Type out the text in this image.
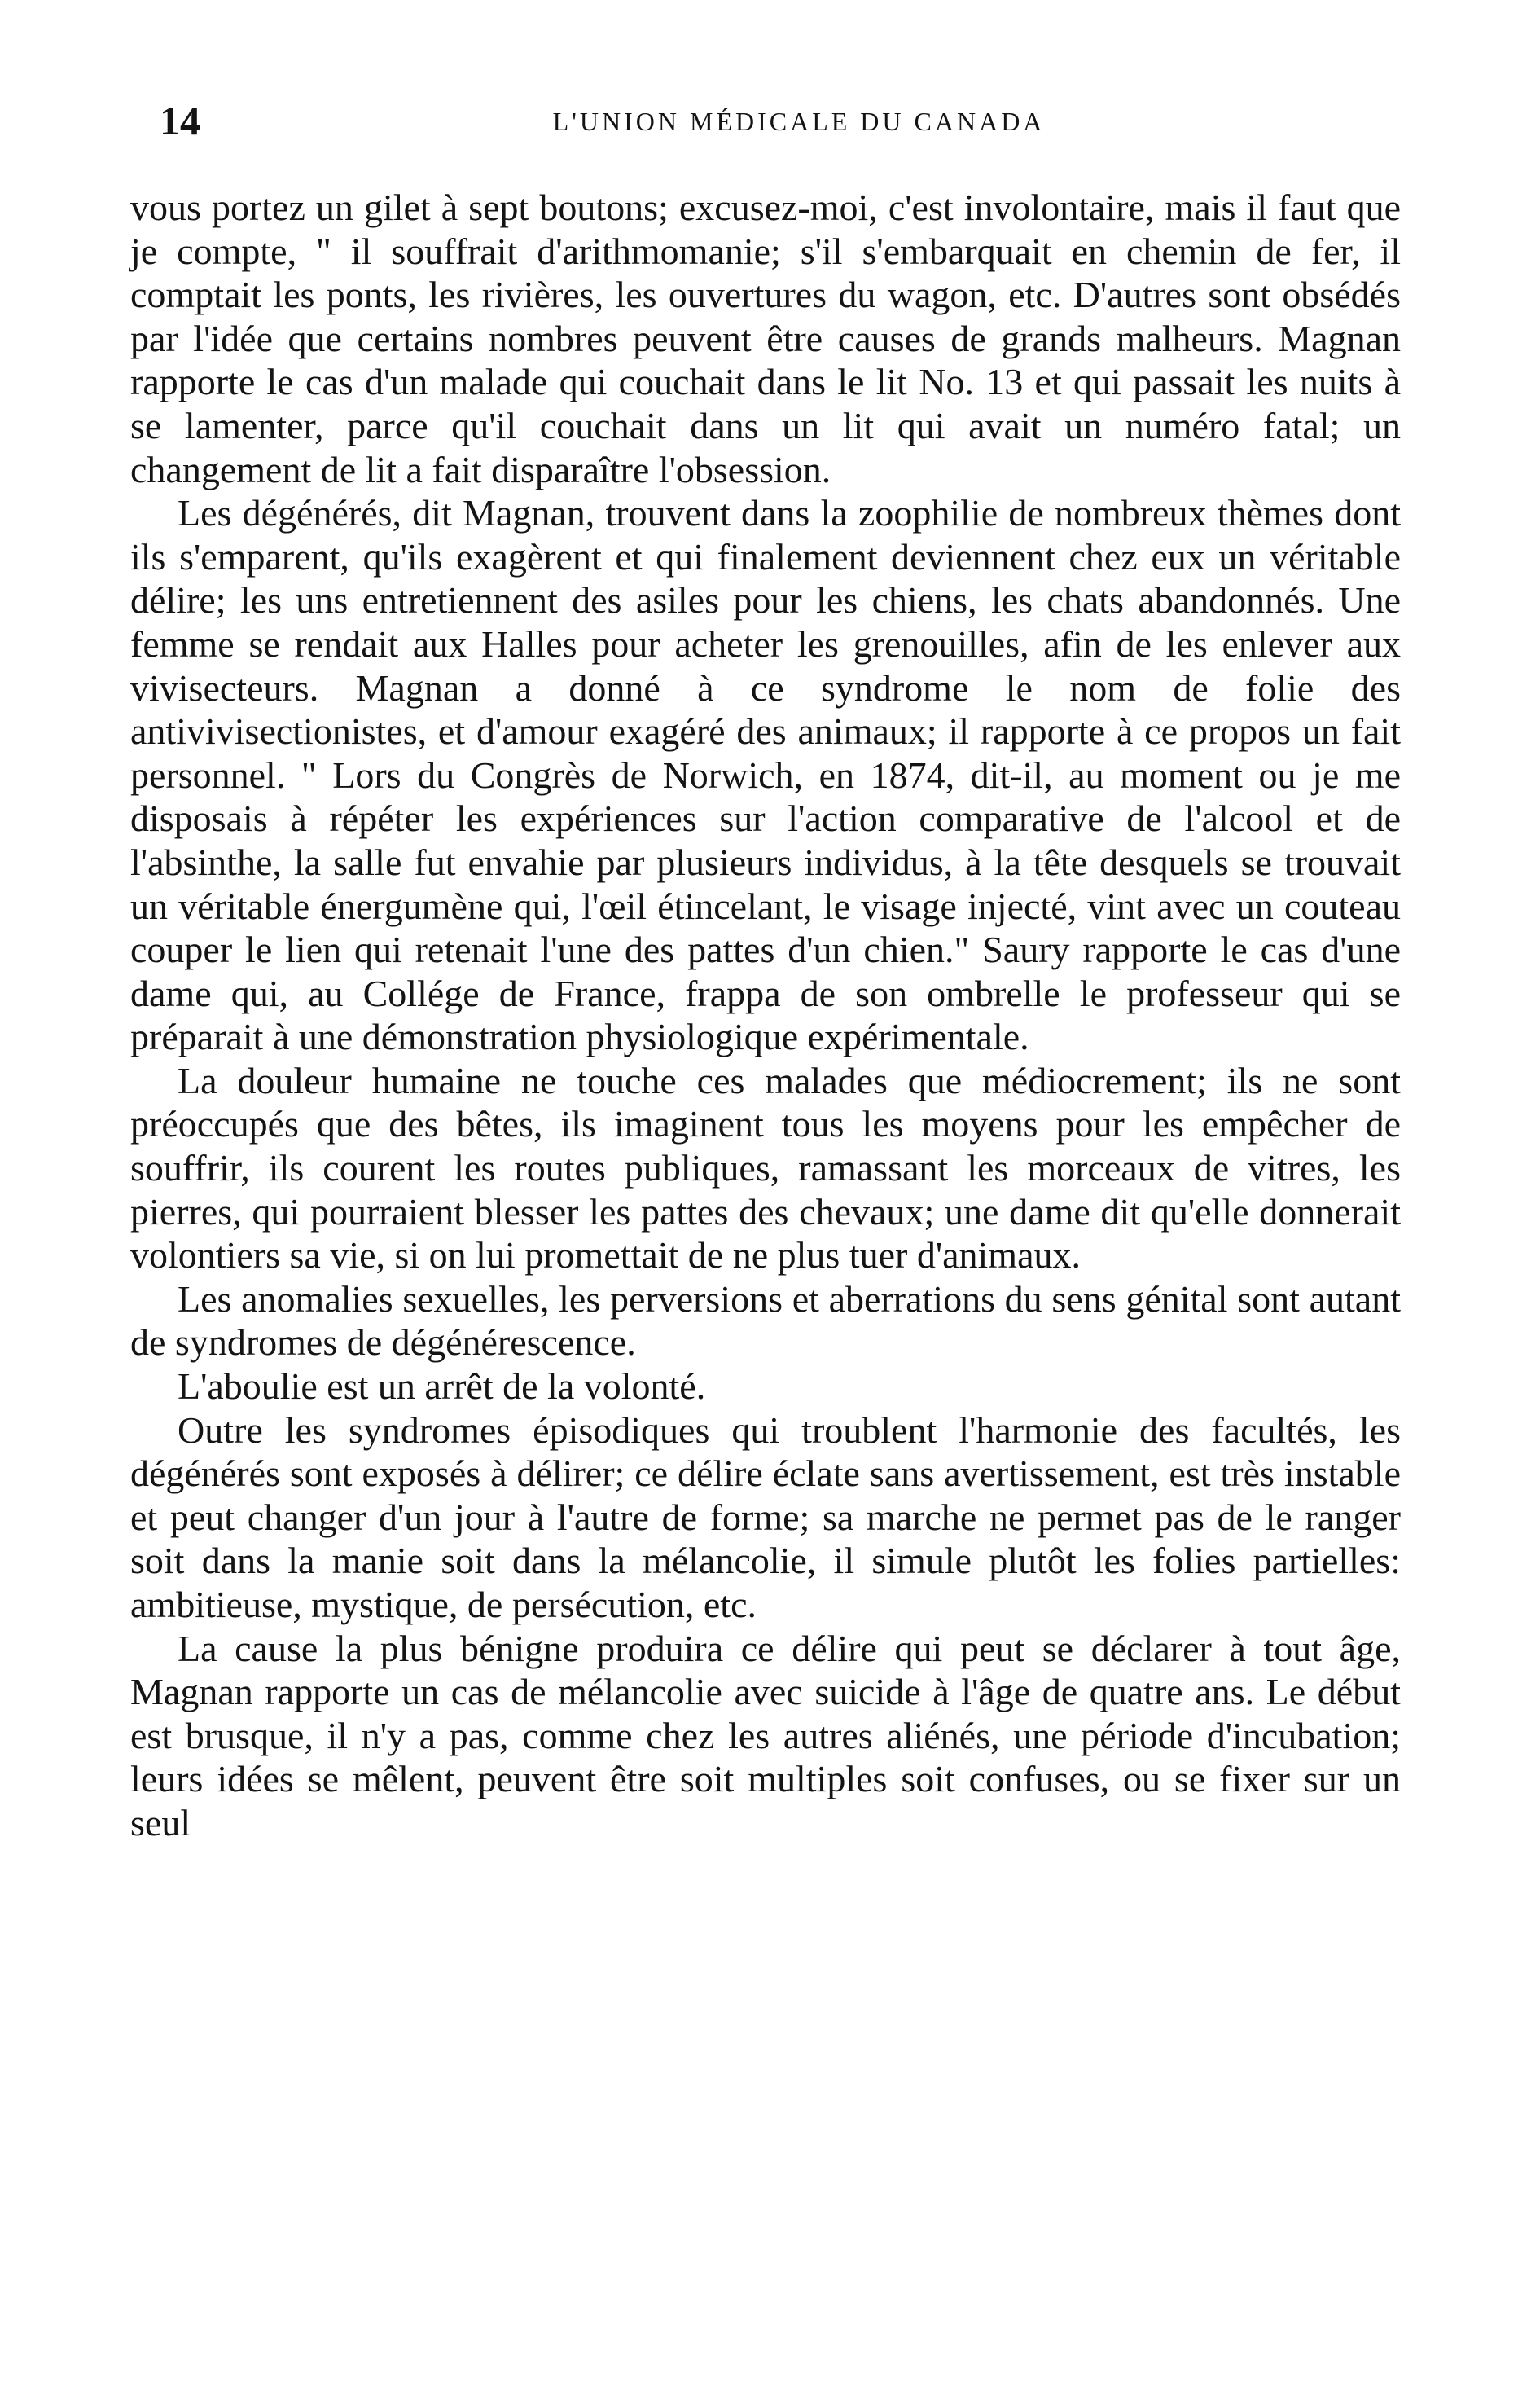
14	L'UNION MÉDICALE DU CANADA

vous portez un gilet à sept boutons; excusez-moi, c'est involontaire, mais il faut que je compte, " il souffrait d'arithmomanie; s'il s'embarquait en chemin de fer, il comptait les ponts, les rivières, les ouvertures du wagon, etc. D'autres sont obsédés par l'idée que certains nombres peuvent être causes de grands malheurs. Magnan rapporte le cas d'un malade qui couchait dans le lit No. 13 et qui passait les nuits à se lamenter, parce qu'il couchait dans un lit qui avait un numéro fatal; un changement de lit a fait disparaître l'obsession.

Les dégénérés, dit Magnan, trouvent dans la zoophilie de nombreux thèmes dont ils s'emparent, qu'ils exagèrent et qui finalement deviennent chez eux un véritable délire; les uns entretiennent des asiles pour les chiens, les chats abandonnés. Une femme se rendait aux Halles pour acheter les grenouilles, afin de les enlever aux vivisecteurs. Magnan a donné à ce syndrome le nom de folie des antivivisectionistes, et d'amour exagéré des animaux; il rapporte à ce propos un fait personnel. " Lors du Congrès de Norwich, en 1874, dit-il, au moment ou je me disposais à répéter les expériences sur l'action comparative de l'alcool et de l'absinthe, la salle fut envahie par plusieurs individus, à la tête desquels se trouvait un véritable énergumène qui, l'œil étincelant, le visage injecté, vint avec un couteau couper le lien qui retenait l'une des pattes d'un chien." Saury rapporte le cas d'une dame qui, au Collége de France, frappa de son ombrelle le professeur qui se préparait à une démonstration physiologique expérimentale.

La douleur humaine ne touche ces malades que médiocrement; ils ne sont préoccupés que des bêtes, ils imaginent tous les moyens pour les empêcher de souffrir, ils courent les routes publiques, ramassant les morceaux de vitres, les pierres, qui pourraient blesser les pattes des chevaux; une dame dit qu'elle donnerait volontiers sa vie, si on lui promettait de ne plus tuer d'animaux.

Les anomalies sexuelles, les perversions et aberrations du sens génital sont autant de syndromes de dégénérescence.

L'aboulie est un arrêt de la volonté.

Outre les syndromes épisodiques qui troublent l'harmonie des facultés, les dégénérés sont exposés à délirer; ce délire éclate sans avertissement, est très instable et peut changer d'un jour à l'autre de forme; sa marche ne permet pas de le ranger soit dans la manie soit dans la mélancolie, il simule plutôt les folies partielles: ambitieuse, mystique, de persécution, etc.

La cause la plus bénigne produira ce délire qui peut se déclarer à tout âge, Magnan rapporte un cas de mélancolie avec suicide à l'âge de quatre ans. Le début est brusque, il n'y a pas, comme chez les autres aliénés, une période d'incubation; leurs idées se mêlent, peuvent être soit multiples soit confuses, ou se fixer sur un seul
